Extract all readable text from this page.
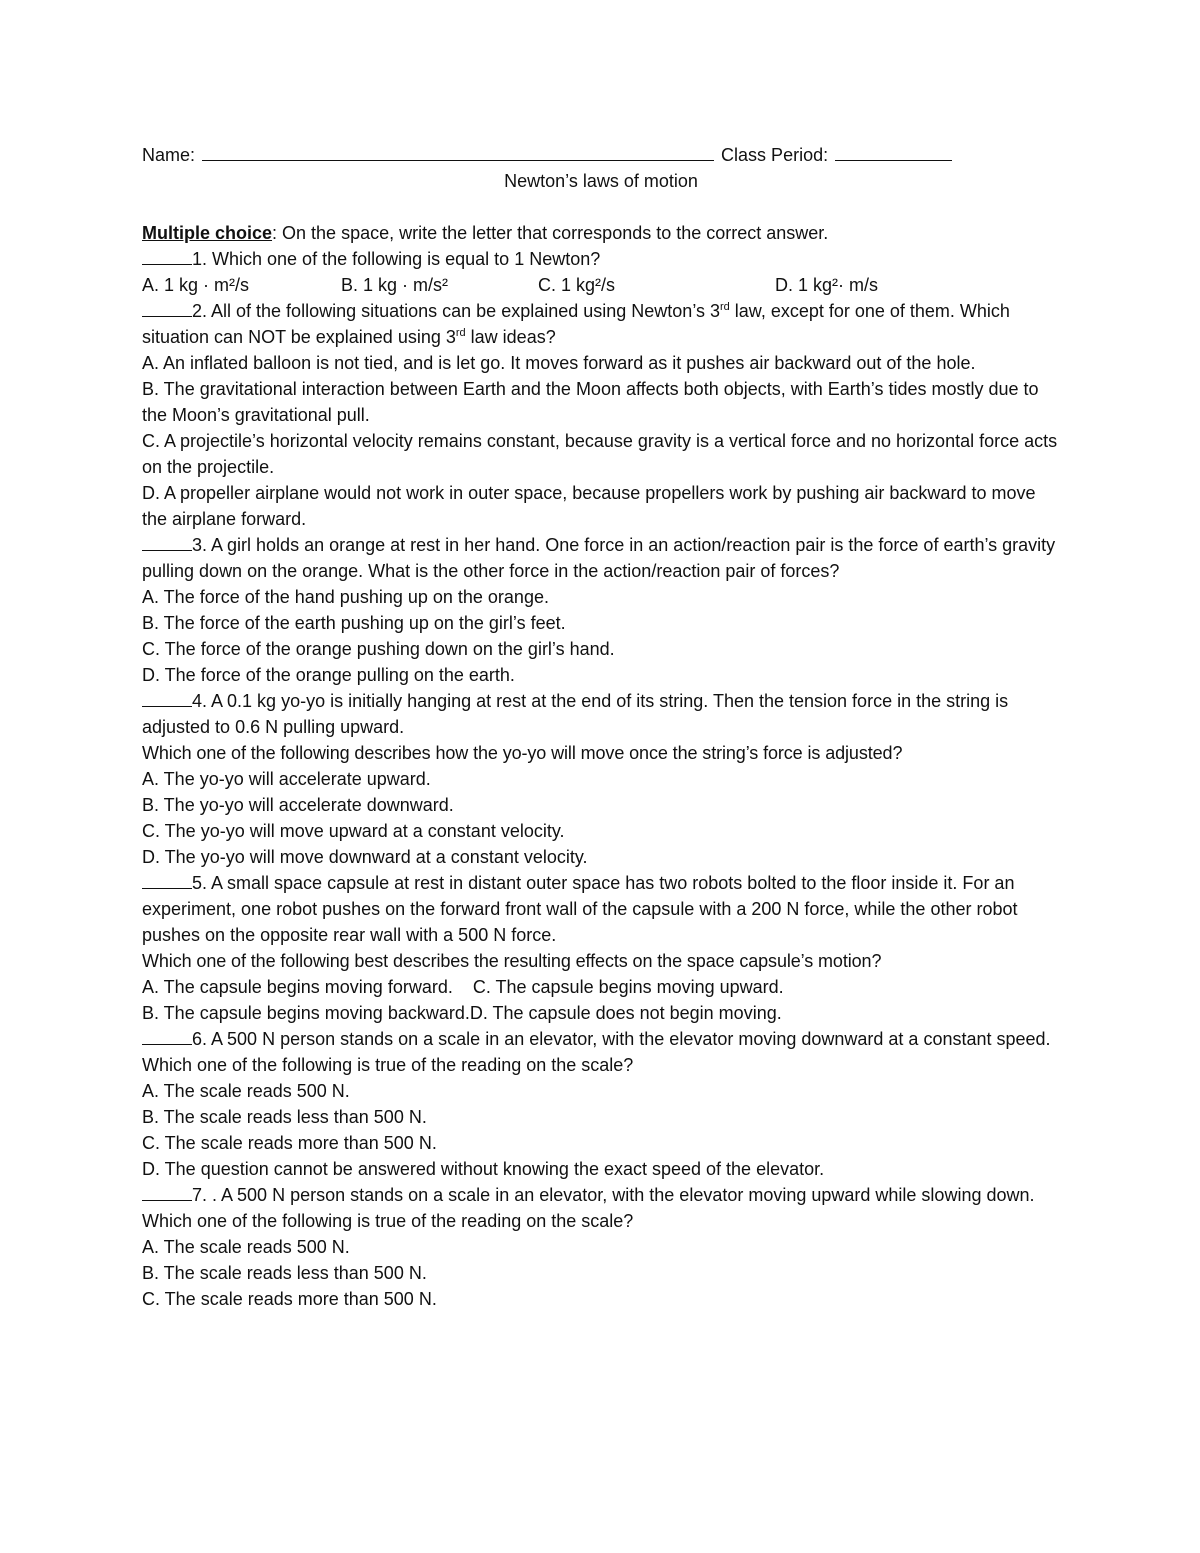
Name:	Class Period:
Newton’s laws of motion
Multiple choice: On the space, write the letter that corresponds to the correct answer.
1. Which one of the following is equal to 1 Newton?
A. 1 kg · m²/s	B. 1 kg · m/s²	C. 1 kg²/s	D. 1 kg²· m/s
2. All of the following situations can be explained using Newton’s 3rd law, except for one of them. Which situation can NOT be explained using 3rd law ideas?
A. An inflated balloon is not tied, and is let go. It moves forward as it pushes air backward out of the hole.
B. The gravitational interaction between Earth and the Moon affects both objects, with Earth’s tides mostly due to the Moon’s gravitational pull.
C. A projectile’s horizontal velocity remains constant, because gravity is a vertical force and no horizontal force acts on the projectile.
D. A propeller airplane would not work in outer space, because propellers work by pushing air backward to move the airplane forward.
3. A girl holds an orange at rest in her hand. One force in an action/reaction pair is the force of earth’s gravity pulling down on the orange. What is the other force in the action/reaction pair of forces?
A. The force of the hand pushing up on the orange.
B. The force of the earth pushing up on the girl’s feet.
C. The force of the orange pushing down on the girl’s hand.
D. The force of the orange pulling on the earth.
4. A 0.1 kg yo-yo is initially hanging at rest at the end of its string. Then the tension force in the string is adjusted to 0.6 N pulling upward.
Which one of the following describes how the yo-yo will move once the string’s force is adjusted?
A. The yo-yo will accelerate upward.
B. The yo-yo will accelerate downward.
C. The yo-yo will move upward at a constant velocity.
D. The yo-yo will move downward at a constant velocity.
5. A small space capsule at rest in distant outer space has two robots bolted to the floor inside it. For an experiment, one robot pushes on the forward front wall of the capsule with a 200 N force, while the other robot pushes on the opposite rear wall with a 500 N force.
Which one of the following best describes the resulting effects on the space capsule’s motion?
A. The capsule begins moving forward.    C. The capsule begins moving upward.
B. The capsule begins moving backward.D. The capsule does not begin moving.
6. A 500 N person stands on a scale in an elevator, with the elevator moving downward at a constant speed.
Which one of the following is true of the reading on the scale?
A. The scale reads 500 N.
B. The scale reads less than 500 N.
C. The scale reads more than 500 N.
D. The question cannot be answered without knowing the exact speed of the elevator.
7. . A 500 N person stands on a scale in an elevator, with the elevator moving upward while slowing down.
Which one of the following is true of the reading on the scale?
A. The scale reads 500 N.
B. The scale reads less than 500 N.
C. The scale reads more than 500 N.
